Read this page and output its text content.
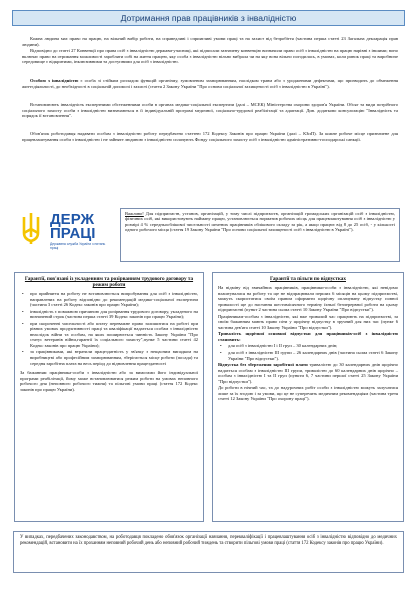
Дотримання прав працівників з інвалідністю
Кожна людина має право на працю, на вільний вибір роботи, на справедливі і сприятливі умови праці та на захист від безробіття (частина перша статті 23 Загальна декларація прав людини).
Відповідно до статті 27 Конвенції про права осіб з інвалідністю держави-учасниці, які підписали зазначену конвенцію визначили право осіб з інвалідністю на працю нарівні з іншими; воно включає право на отримання можливості заробляти собі на життя працею, яку особа з інвалідністю вільно вибрала чи на яку вона вільно погодилась, в умовах, коли ринок праці та виробниче середовище є відкритими, інклюзивними та доступними для осіб з інвалідністю.
Особою з інвалідністю є особа зі стійким розладом функцій організму, зумовленим захворюванням, наслідком травм або з уродженими дефектами, що призводить до обмеження життєдіяльності, до необхідності в соціальній допомозі і захисті (стаття 2 Закону України "Про основи соціальної захищеності осіб з інвалідністю в Україні").
Встановлюють інвалідність експертними обстеженнями особи в органах медико-соціальної експертизи (далі – МСЕК) Міністерства охорони здоров'я України. Обсяг та види потрібного соціального захисту особи з інвалідністю визначаються в її індивідуальній програмі медичної, соціально-трудової реабілітації та адаптації. Див. додатково консультацію "Інвалідність та порядок її встановлення".
Обов'язок роботодавця надавати особам з інвалідністю роботу передбачено статтею 172 Кодексу Законів про працю України (далі – КЗпП). За кожне робоче місце призначене для працевлаштування особи з інвалідністю і не зайняте людиною з інвалідністю сплачують Фонду соціального захисту осіб з інвалідністю адміністративно-господарські санкції.
ДЕРЖ
ПРАЦІ
Державна служба України з питань праці
Важливо! Для підприємств, установ, організацій, у тому числі підприємств, організацій громадських організацій осіб з інвалідністю, фізичних осіб, які використовують найману працю, установлюється норматив робочих місць для працевлаштування осіб з інвалідністю у розмірі 4 % середньооблікової чисельності штатних працівників облікового складу за рік, а якщо працює від 8 до 25 осіб, - у кількості одного робочого місця (стаття 19 Закону України "Про основи соціальної захищеності осіб з інвалідністю в Україні").
Гарантії, пов'язані із укладенням та розірванням трудового договору та режим роботи
• про прийняття на роботу не встановлюється випробування для осіб з інвалідністю, направлених на роботу відповідно до рекомендацій медико-соціальної експертизи (частина 3 статті 26 Кодекс законів про працю України);
• інвалідність є поважною причиною для розірвання трудового договору, укладеного на визначений строк (частина перша статті 39 Кодекс законів про працю України);
• при скороченні чисельності або штату переважне право залишитися на роботі при рівних умовах продуктивності праці та кваліфікації надається особам з інвалідністю внаслідок війни та особам, на яких поширюється чинність Закону України "Про статус ветеранів війни,гарантії їх соціального захисту",пункт 5 частини статті 42 Кодекс законів про працю України);
• за працівниками, які втратили працездатність у зв'язку з нещасним випадком на виробництві або професійним захворюванням, зберігається місце роботи (посада) та середня заробітна плата на весь період до відновлення працездатності
За бажанням працівника-особи з інвалідністю або за вимогами його індивідуальної програми реабілітації, йому може встановлюватися режим роботи на умовах неповного робочого дня (неповного робочого тижня) та пільгові умови праці (стаття 172 Кодекс законів про працю України).
Гарантії та пільги по відпустках
На відміну від звичайних працівників, працівники-особи з інвалідністю, які невідомо влаштувалися на роботу та ще не відпрацювали перших 6 місяців на цьому підприємстві, можуть скористатися своїм правом оформити щорічну оплачувану відпустку повної тривалості ще до настання шестимісячного терміну їхньої безперервної роботи на цьому підприємстві (пункт 2 частина сьома статті 10 Закону України "Про відпустки").
Працівникам-особам з інвалідністю, які вже тривалий час працюють на підприємстві, за своїм бажанням мають право піти у щорічну відпустку в зручний для них час (пункт 6 частина дев'ята статті 10 Закону України "Про відпустки").
Тривалість щорічної основної відпустки для працівників-осіб з інвалідністю становить:
• для осіб з інвалідністю І і ІІ груп – 30 календарних днів;
• для осіб з інвалідністю ІІІ групи – 26 календарних днів (частина сьома статті 6 Закону України "Про відпустки").
Відпустка без збереження заробітної плати тривалістю до 30 календарних днів щорічно надається особам з інвалідністю ІІІ групи, тривалістю до 60 календарних днів щорічно – особам з інвалідністю І та ІІ груп (пункти 6, 7 частини першої статті 25 Закону України "Про відпустки").
До роботи в нічний час, та до надурочних робіт особи з інвалідністю можуть залучатися лише за їх згодою і за умови, що це не суперечить медичним рекомендаціям (частина третя статті 12 Закону України "Про охорону праці").
У випадках, передбачених законодавством, на роботодавця покладено обов'язок організації навчання, перекваліфікації і працевлаштування осіб з інвалідністю відповідно до медичних рекомендацій, встановити на їх проханням неповний робочий день або неповний робочий тиждень та створити пільгові умови праці (стаття 172 Кодексу законів про працю України).
